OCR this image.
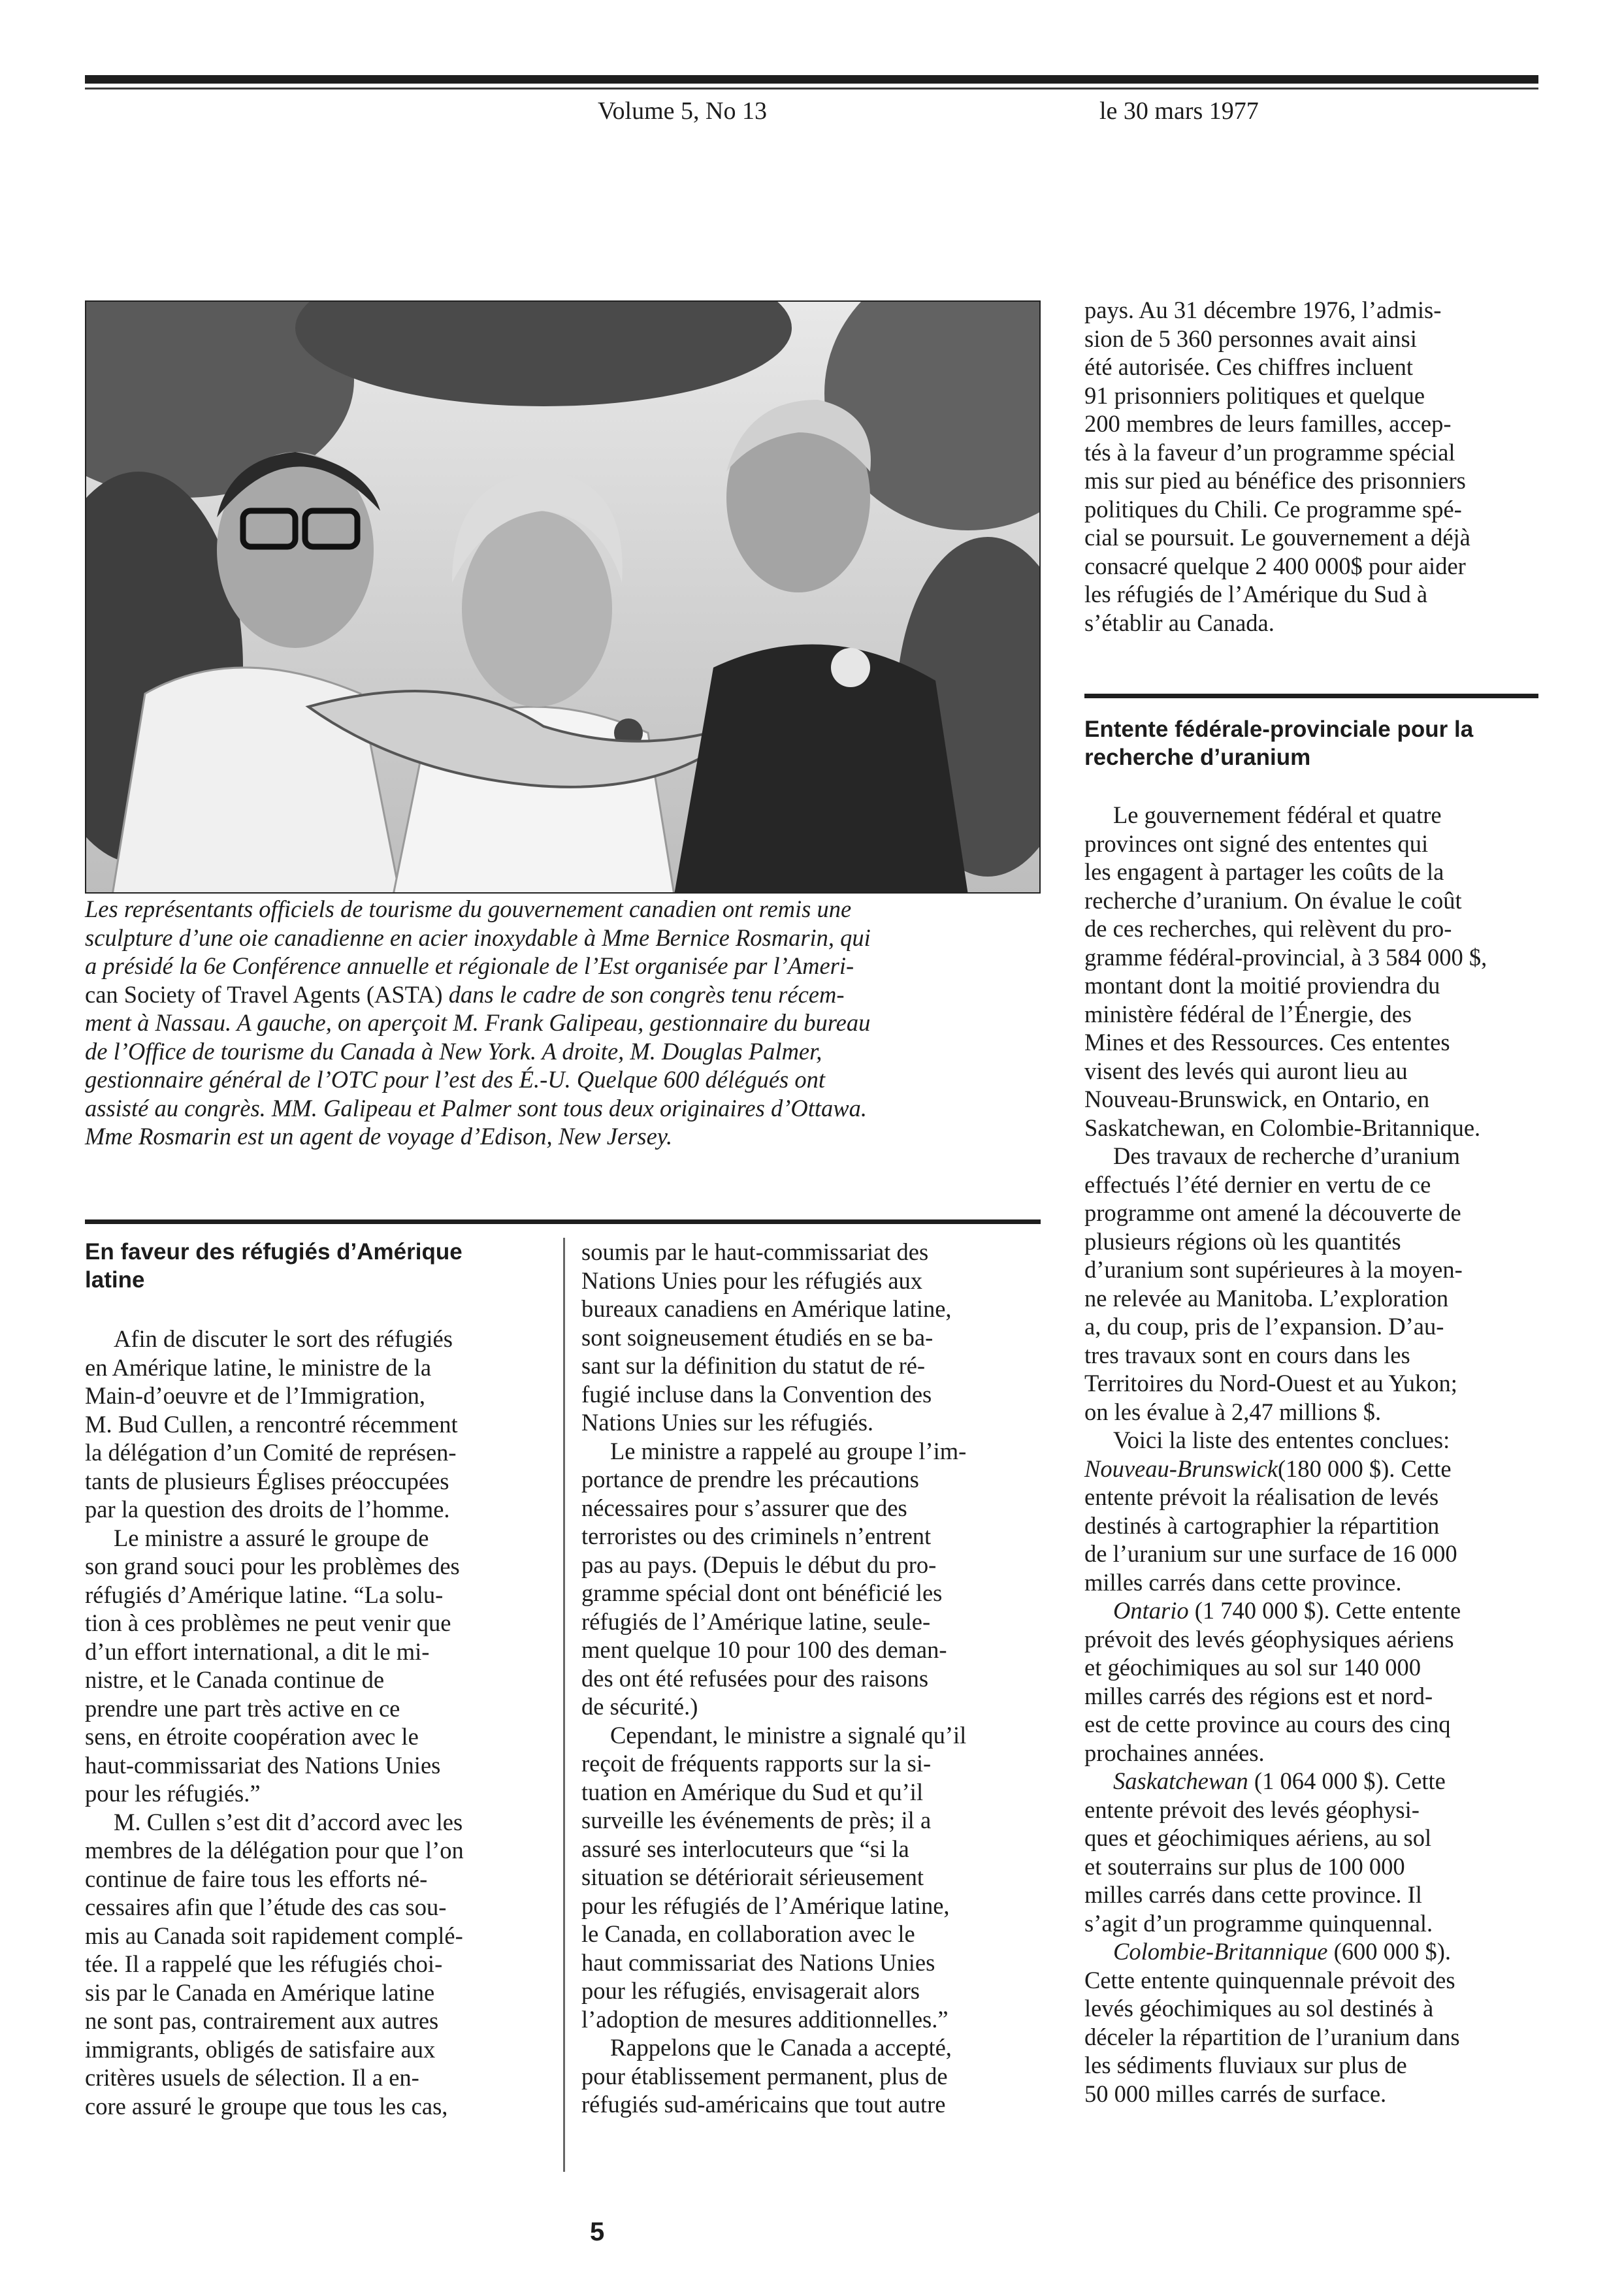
Volume 5, No 13	le 30 mars 1977
Les représentants officiels de tourisme du gouvernement canadien ont remis une
sculpture d’une oie canadienne en acier inoxydable à Mme Bernice Rosmarin, qui
a présidé la 6e Conférence annuelle et régionale de l’Est organisée par l’Ameri-
can Society of Travel Agents (ASTA) dans le cadre de son congrès tenu récem-
ment à Nassau. A gauche, on aperçoit M. Frank Galipeau, gestionnaire du bureau
de l’Office de tourisme du Canada à New York. A droite, M. Douglas Palmer,
gestionnaire général de l’OTC pour l’est des É.-U. Quelque 600 délégués ont
assisté au congrès. MM. Galipeau et Palmer sont tous deux originaires d’Ottawa.
Mme Rosmarin est un agent de voyage d’Edison, New Jersey.
En faveur des réfugiés d’Amérique
latine

Afin de discuter le sort des réfugiés
en Amérique latine, le ministre de la
Main-d’oeuvre et de l’Immigration,
M. Bud Cullen, a rencontré récemment
la délégation d’un Comité de représen-
tants de plusieurs Églises préoccupées
par la question des droits de l’homme.

Le ministre a assuré le groupe de
son grand souci pour les problèmes des
réfugiés d’Amérique latine. “La solu-
tion à ces problèmes ne peut venir que
d’un effort international, a dit le mi-
nistre, et le Canada continue de
prendre une part très active en ce
sens, en étroite coopération avec le
haut-commissariat des Nations Unies
pour les réfugiés.”

M. Cullen s’est dit d’accord avec les
membres de la délégation pour que l’on
continue de faire tous les efforts né-
cessaires afin que l’étude des cas sou-
mis au Canada soit rapidement complé-
tée. Il a rappelé que les réfugiés choi-
sis par le Canada en Amérique latine
ne sont pas, contrairement aux autres
immigrants, obligés de satisfaire aux
critères usuels de sélection. Il a en-
core assuré le groupe que tous les cas,

soumis par le haut-commissariat des
Nations Unies pour les réfugiés aux
bureaux canadiens en Amérique latine,
sont soigneusement étudiés en se ba-
sant sur la définition du statut de ré-
fugié incluse dans la Convention des
Nations Unies sur les réfugiés.

Le ministre a rappelé au groupe l’im-
portance de prendre les précautions
nécessaires pour s’assurer que des
terroristes ou des criminels n’entrent
pas au pays. (Depuis le début du pro-
gramme spécial dont ont bénéficié les
réfugiés de l’Amérique latine, seule-
ment quelque 10 pour 100 des deman-
des ont été refusées pour des raisons
de sécurité.)

Cependant, le ministre a signalé qu’il
reçoit de fréquents rapports sur la si-
tuation en Amérique du Sud et qu’il
surveille les événements de près; il a
assuré ses interlocuteurs que “si la
situation se détériorait sérieusement
pour les réfugiés de l’Amérique latine,
le Canada, en collaboration avec le
haut commissariat des Nations Unies
pour les réfugiés, envisagerait alors
l’adoption de mesures additionnelles.”

Rappelons que le Canada a accepté,
pour établissement permanent, plus de
réfugiés sud-américains que tout autre

pays. Au 31 décembre 1976, l’admis-
sion de 5 360 personnes avait ainsi
été autorisée. Ces chiffres incluent
91 prisonniers politiques et quelque
200 membres de leurs familles, accep-
tés à la faveur d’un programme spécial
mis sur pied au bénéfice des prisonniers
politiques du Chili. Ce programme spé-
cial se poursuit. Le gouvernement a déjà
consacré quelque 2 400 000$ pour aider
les réfugiés de l’Amérique du Sud à
s’établir au Canada.
Entente fédérale-provinciale pour la
recherche d’uranium

Le gouvernement fédéral et quatre
provinces ont signé des ententes qui
les engagent à partager les coûts de la
recherche d’uranium. On évalue le coût
de ces recherches, qui relèvent du pro-
gramme fédéral-provincial, à 3 584 000 $,
montant dont la moitié proviendra du
ministère fédéral de l’Énergie, des
Mines et des Ressources. Ces ententes
visent des levés qui auront lieu au
Nouveau-Brunswick, en Ontario, en
Saskatchewan, en Colombie-Britannique.

Des travaux de recherche d’uranium
effectués l’été dernier en vertu de ce
programme ont amené la découverte de
plusieurs régions où les quantités
d’uranium sont supérieures à la moyen-
ne relevée au Manitoba. L’exploration
a, du coup, pris de l’expansion. D’au-
tres travaux sont en cours dans les
Territoires du Nord-Ouest et au Yukon;
on les évalue à 2,47 millions $.

Voici la liste des ententes conclues:
Nouveau-Brunswick(180 000 $). Cette
entente prévoit la réalisation de levés
destinés à cartographier la répartition
de l’uranium sur une surface de 16 000
milles carrés dans cette province.

Ontario (1 740 000 $). Cette entente
prévoit des levés géophysiques aériens
et géochimiques au sol sur 140 000
milles carrés des régions est et nord-
est de cette province au cours des cinq
prochaines années.

Saskatchewan (1 064 000 $). Cette
entente prévoit des levés géophysi-
ques et géochimiques aériens, au sol
et souterrains sur plus de 100 000
milles carrés dans cette province. Il
s’agit d’un programme quinquennal.

Colombie-Britannique (600 000 $).
Cette entente quinquennale prévoit des
levés géochimiques au sol destinés à
déceler la répartition de l’uranium dans
les sédiments fluviaux sur plus de
50 000 milles carrés de surface.

5
